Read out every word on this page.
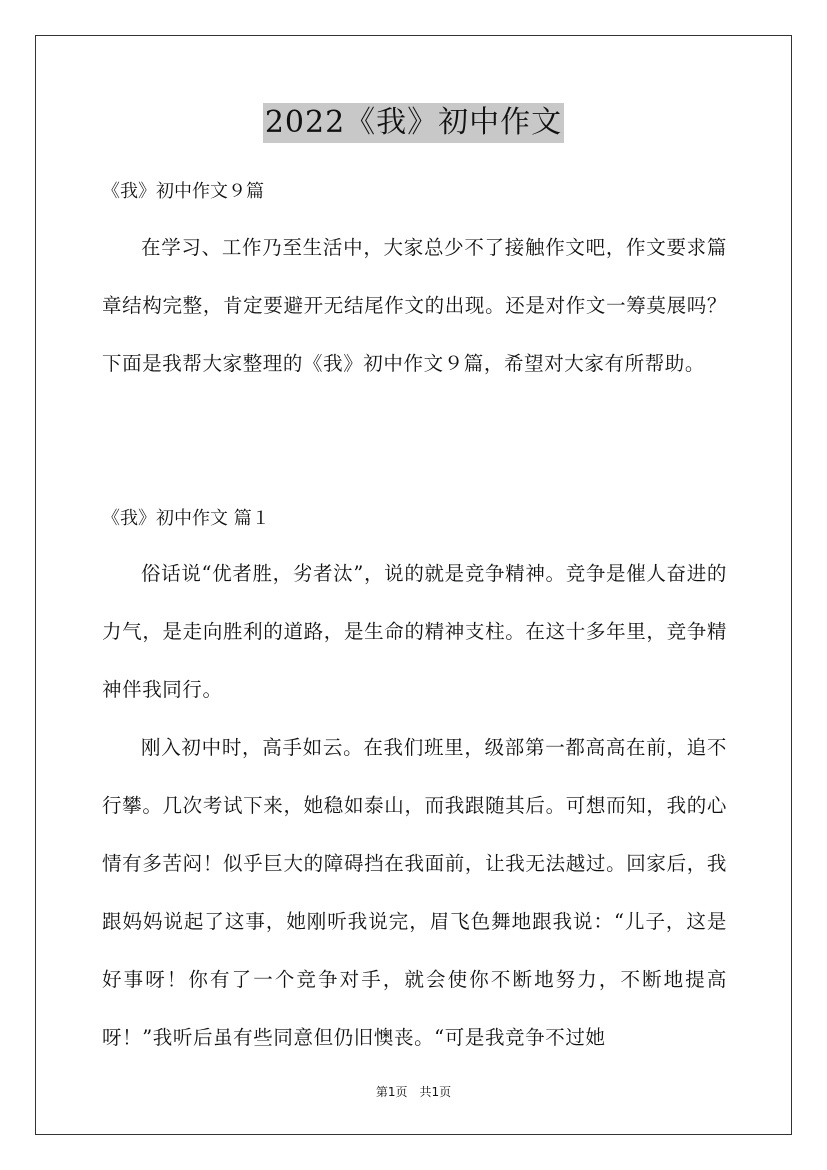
2022《我》初中作文
《我》初中作文９篇

在学习、工作乃至生活中，大家总少不了接触作文吧，作文要求篇章结构完整，肯定要避开无结尾作文的出现。还是对作文一筹莫展吗？下面是我帮大家整理的《我》初中作文９篇，希望对大家有所帮助。

《我》初中作文 篇１

俗话说“优者胜，劣者汰”，说的就是竞争精神。竞争是催人奋进的力气，是走向胜利的道路，是生命的精神支柱。在这十多年里，竞争精神伴我同行。

刚入初中时，高手如云。在我们班里，级部第一都高高在前，追不行攀。几次考试下来，她稳如泰山，而我跟随其后。可想而知，我的心情有多苦闷！似乎巨大的障碍挡在我面前，让我无法越过。回家后，我跟妈妈说起了这事，她刚听我说完，眉飞色舞地跟我说：“儿子，这是好事呀！你有了一个竞争对手，就会使你不断地努力，不断地提高呀！”我听后虽有些同意但仍旧懊丧。“可是我竞争不过她

第1页　共1页
